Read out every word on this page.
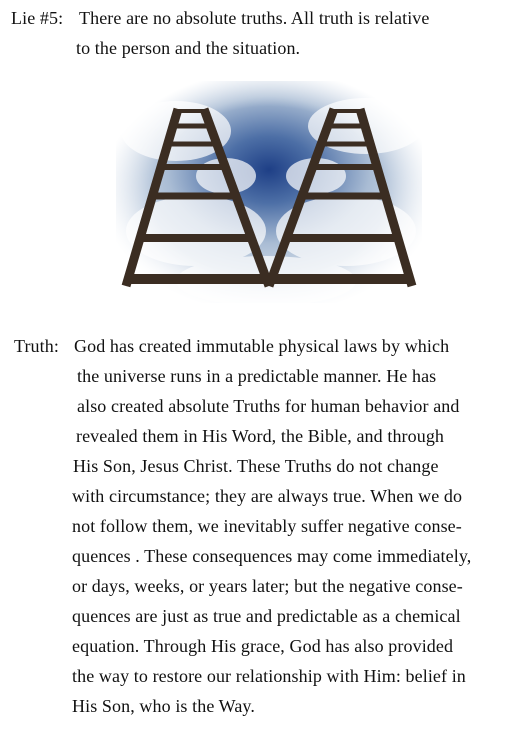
Lie #5: There are no absolute truths. All truth is relative
to the person and the situation.
Truth: God has created immutable physical laws by which
the universe runs in a predictable manner. He has
also created absolute Truths for human behavior and
revealed them in His Word, the Bible, and through
His Son, Jesus Christ. These Truths do not change
with circumstance; they are always true. When we do
not follow them, we inevitably suffer negative conse-
quences . These consequences may come immediately,
or days, weeks, or years later; but the negative conse-
quences are just as true and predictable as a chemical
equation. Through His grace, God has also provided
the way to restore our relationship with Him: belief in
His Son, who is the Way.
